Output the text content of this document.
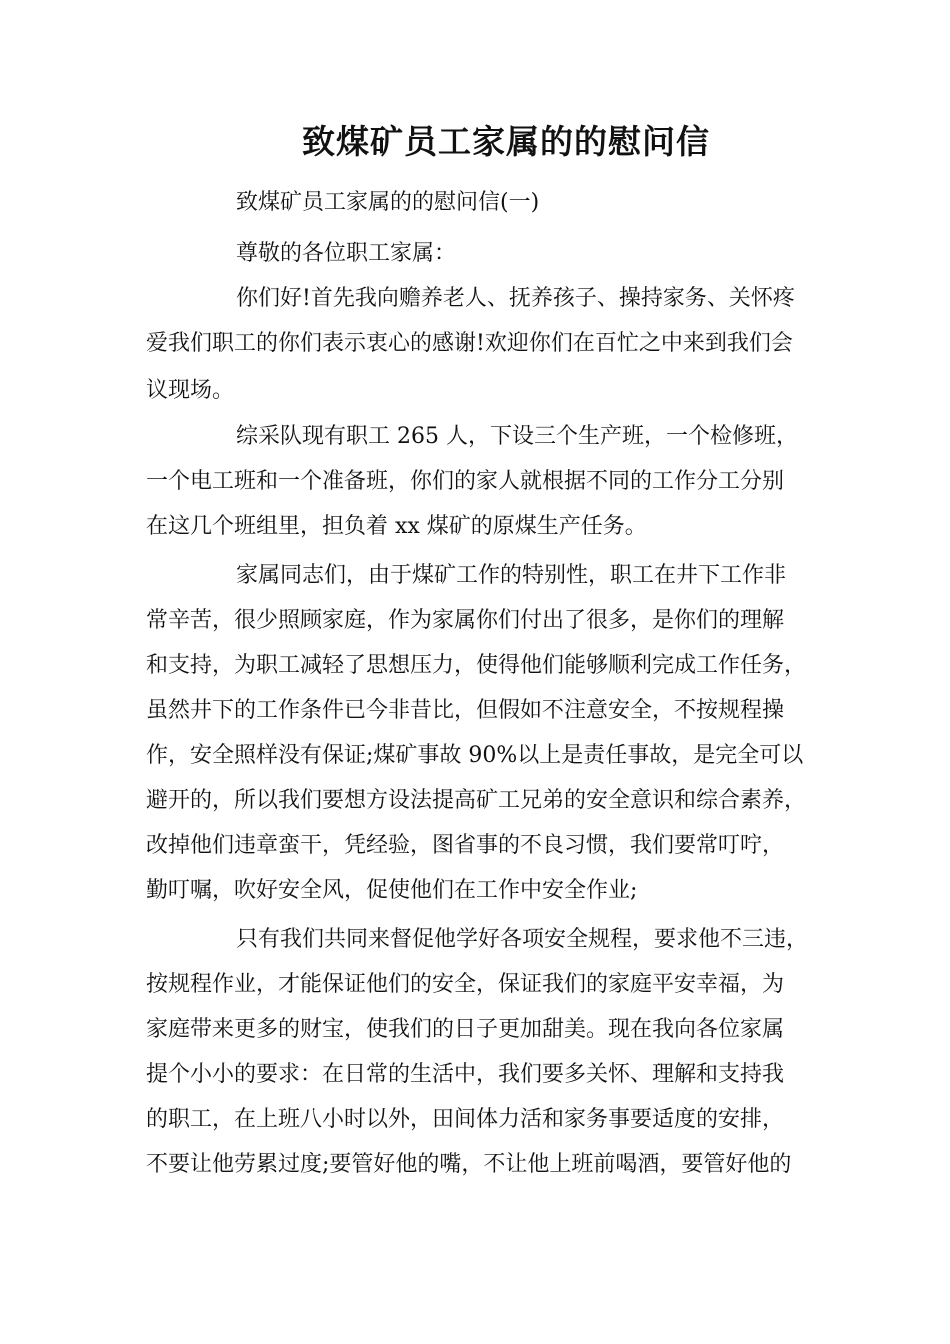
致煤矿员工家属的的慰问信
致煤矿员工家属的的慰问信(一)
尊敬的各位职工家属：
你们好!首先我向赡养老人、抚养孩子、操持家务、关怀疼
爱我们职工的你们表示衷心的感谢!欢迎你们在百忙之中来到我们会
议现场。
综采队现有职工 265 人，下设三个生产班，一个检修班，
一个电工班和一个准备班，你们的家人就根据不同的工作分工分别
在这几个班组里，担负着 xx 煤矿的原煤生产任务。
家属同志们，由于煤矿工作的特别性，职工在井下工作非
常辛苦，很少照顾家庭，作为家属你们付出了很多，是你们的理解
和支持，为职工减轻了思想压力，使得他们能够顺利完成工作任务，
虽然井下的工作条件已今非昔比，但假如不注意安全，不按规程操
作，安全照样没有保证;煤矿事故 90%以上是责任事故，是完全可以
避开的，所以我们要想方设法提高矿工兄弟的安全意识和综合素养，
改掉他们违章蛮干，凭经验，图省事的不良习惯，我们要常叮咛，
勤叮嘱，吹好安全风，促使他们在工作中安全作业;
只有我们共同来督促他学好各项安全规程，要求他不三违，
按规程作业，才能保证他们的安全，保证我们的家庭平安幸福，为
家庭带来更多的财宝，使我们的日子更加甜美。现在我向各位家属
提个小小的要求：在日常的生活中，我们要多关怀、理解和支持我
的职工，在上班八小时以外，田间体力活和家务事要适度的安排，
不要让他劳累过度;要管好他的嘴，不让他上班前喝酒，要管好他的
